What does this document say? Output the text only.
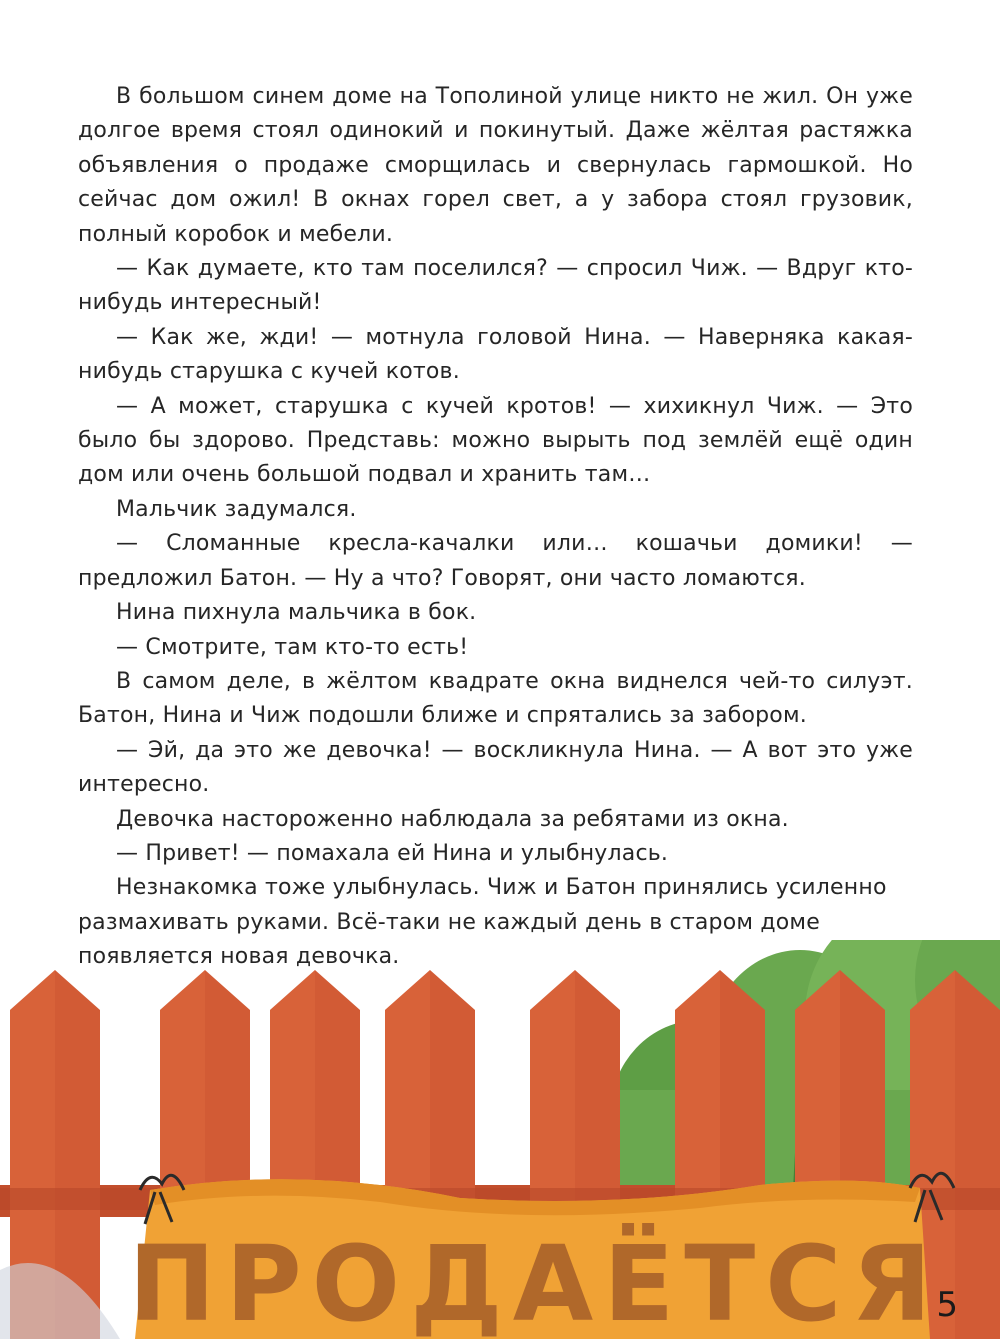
В большом синем доме на Тополиной улице никто не жил. Он уже долгое время стоял одинокий и покинутый. Даже жёлтая растяжка объявления о продаже сморщилась и свернулась гармошкой. Но сейчас дом ожил! В окнах горел свет, а у забора стоял грузовик, полный коробок и мебели.

— Как думаете, кто там поселился? — спросил Чиж. — Вдруг кто-нибудь интересный!

— Как же, жди! — мотнула головой Нина. — Наверняка какая-нибудь старушка с кучей котов.

— А может, старушка с кучей кротов! — хихикнул Чиж. — Это было бы здорово. Представь: можно вырыть под землёй ещё один дом или очень большой подвал и хранить там…

Мальчик задумался.

— Сломанные кресла-качалки или… кошачьи домики! — предложил Батон. — Ну а что? Говорят, они часто ломаются.

Нина пихнула мальчика в бок.

— Смотрите, там кто-то есть!

В самом деле, в жёлтом квадрате окна виднелся чей-то силуэт. Батон, Нина и Чиж подошли ближе и спрятались за забором.

— Эй, да это же девочка! — воскликнула Нина. — А вот это уже интересно.

Девочка настороженно наблюдала за ребятами из окна.

— Привет! — помахала ей Нина и улыбнулась.

Незнакомка тоже улыбнулась. Чиж и Батон принялись усиленно размахивать руками. Всё-таки не каждый день в старом доме появляется новая девочка.

ПРОДАЁТСЯ
5
